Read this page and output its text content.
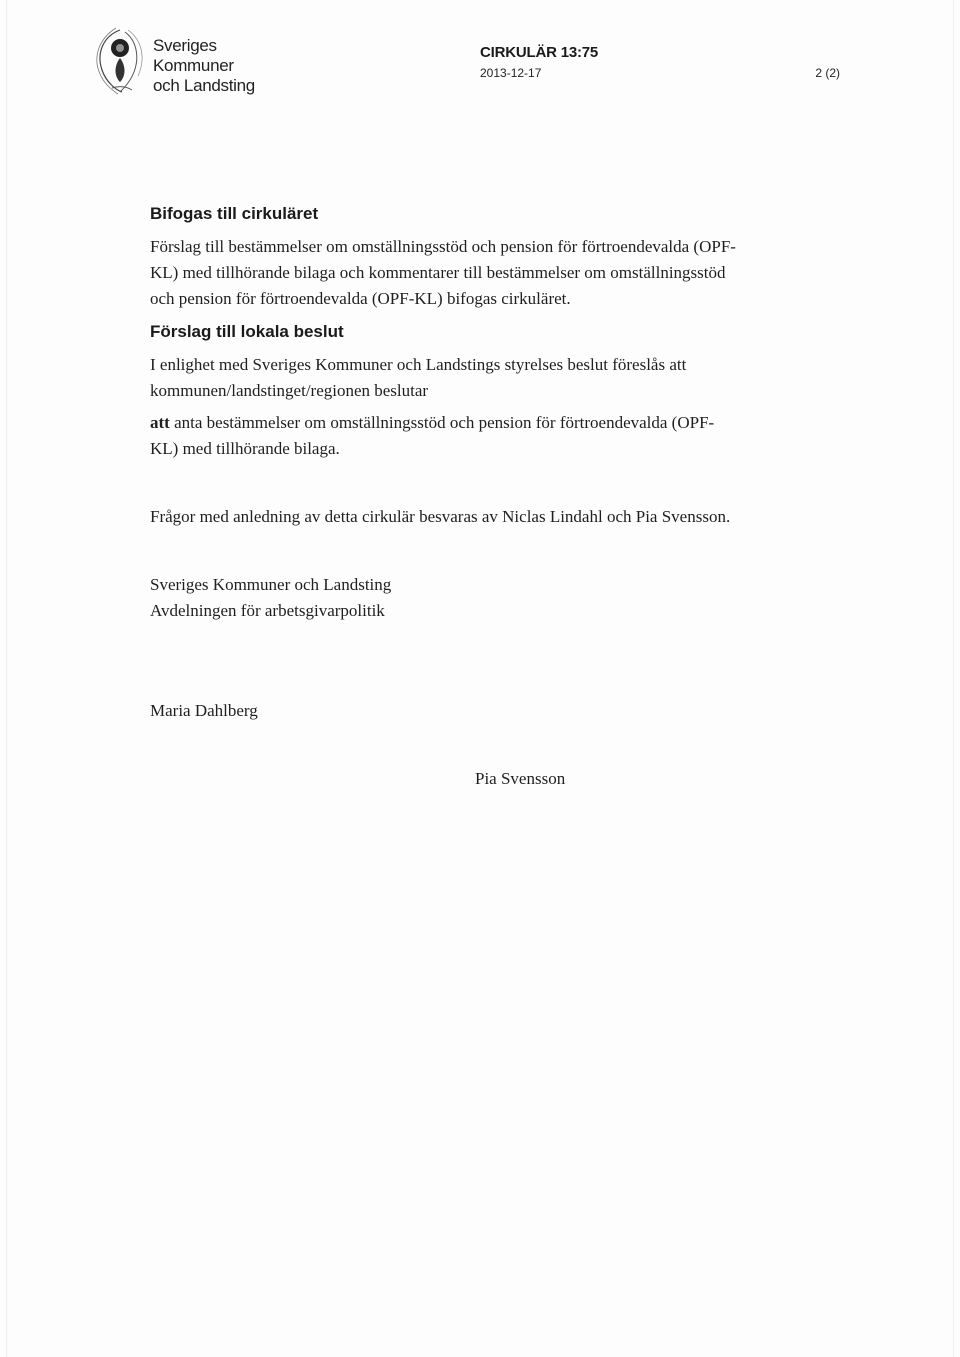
Sveriges
Kommuner
och Landsting
CIRKULÄR 13:75
2013-12-17	2 (2)
Bifogas till cirkuläret
Förslag till bestämmelser om omställningsstöd och pension för förtroendevalda (OPF-
KL) med tillhörande bilaga och kommentarer till bestämmelser om omställningsstöd
och pension för förtroendevalda (OPF-KL) bifogas cirkuläret.
Förslag till lokala beslut
I enlighet med Sveriges Kommuner och Landstings styrelses beslut föreslås att
kommunen/landstinget/regionen beslutar
att anta bestämmelser om omställningsstöd och pension för förtroendevalda (OPF-
KL) med tillhörande bilaga.
Frågor med anledning av detta cirkulär besvaras av Niclas Lindahl och Pia Svensson.
Sveriges Kommuner och Landsting
Avdelningen för arbetsgivarpolitik
Maria Dahlberg
Pia Svensson
